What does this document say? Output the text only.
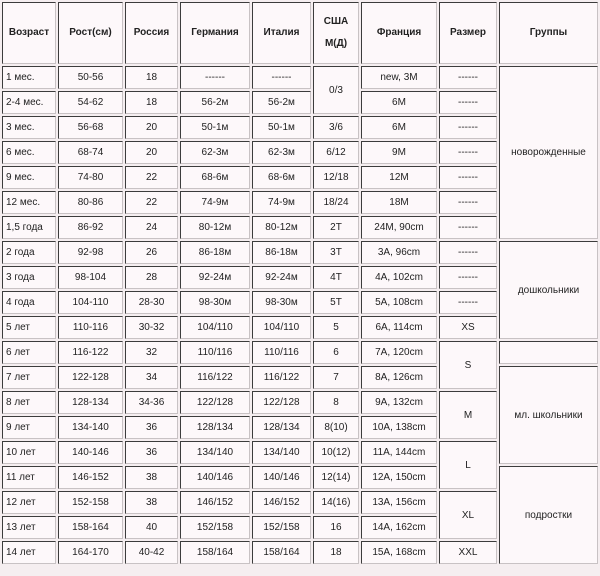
Возраст	Рост(см)	Россия	Германия	Италия	США М(Д)	Франция	Размер	Группы
1 мес.	50-56	18	------	------	0/3	new, 3M	------	новорожденные
2-4 мес.	54-62	18	56-2м	56-2м		6M	------	
3 мес.	56-68	20	50-1м	50-1м	3/6	6M	------	
6 мес.	68-74	20	62-3м	62-3м	6/12	9M	------	
9 мес.	74-80	22	68-6м	68-6м	12/18	12M	------	
12 мес.	80-86	22	74-9м	74-9м	18/24	18M	------	
1,5 года	86-92	24	80-12м	80-12м	2T	24M, 90cm	------	
2 года	92-98	26	86-18м	86-18м	3T	3A, 96cm	------	дошкольники
3 года	98-104	28	92-24м	92-24м	4T	4A, 102cm	------	
4 года	104-110	28-30	98-30м	98-30м	5T	5A, 108cm	------	
5 лет	110-116	30-32	104/110	104/110	5	6A, 114cm	XS	
6 лет	116-122	32	110/116	110/116	6	7A, 120cm	S	
7 лет	122-128	34	116/122	116/122	7	8A, 126cm		мл. школьники
8 лет	128-134	34-36	122/128	122/128	8	9A, 132cm	M	
9 лет	134-140	36	128/134	128/134	8(10)	10A, 138cm		
10 лет	140-146	36	134/140	134/140	10(12)	11A, 144cm	L	
11 лет	146-152	38	140/146	140/146	12(14)	12A, 150cm		подростки
12 лет	152-158	38	146/152	146/152	14(16)	13A, 156cm	XL	
13 лет	158-164	40	152/158	152/158	16	14A, 162cm		
14 лет	164-170	40-42	158/164	158/164	18	15A, 168cm	XXL	
